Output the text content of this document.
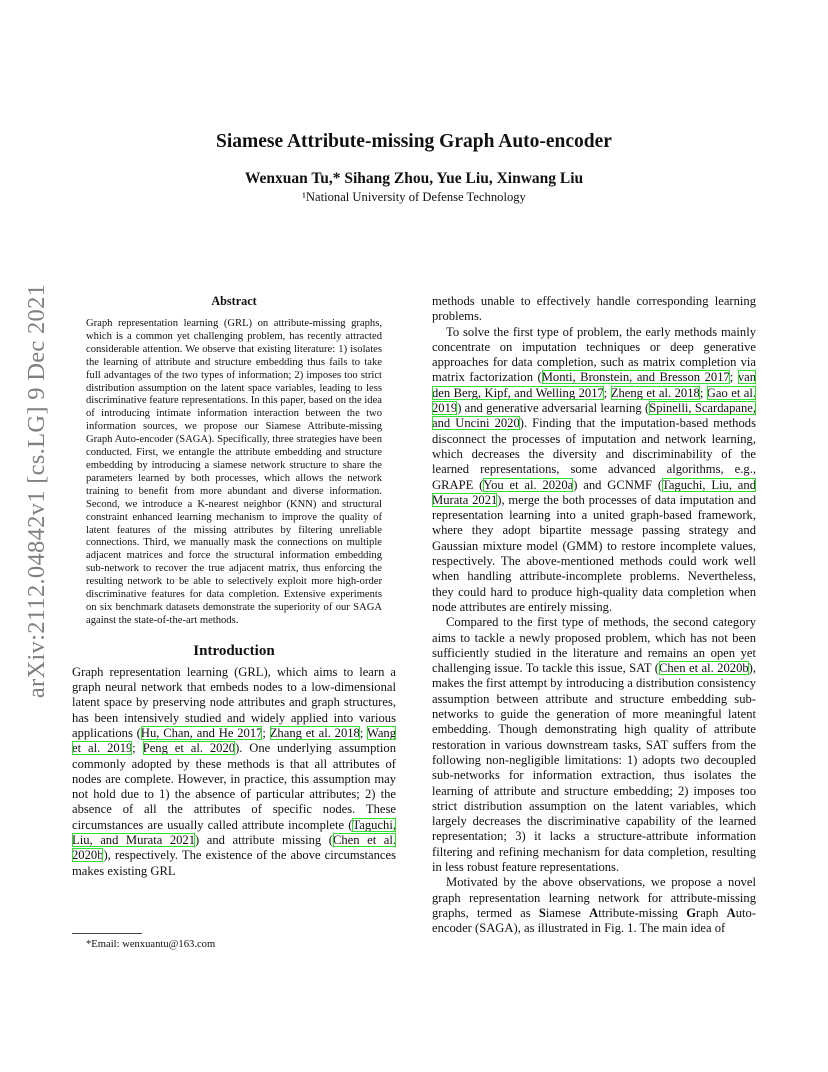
arXiv:2112.04842v1 [cs.LG] 9 Dec 2021
Siamese Attribute-missing Graph Auto-encoder
Wenxuan Tu,* Sihang Zhou, Yue Liu, Xinwang Liu
¹National University of Defense Technology
Abstract

Graph representation learning (GRL) on attribute-missing graphs, which is a common yet challenging problem, has recently attracted considerable attention. We observe that existing literature: 1) isolates the learning of attribute and structure embedding thus fails to take full advantages of the two types of information; 2) imposes too strict distribution assumption on the latent space variables, leading to less discriminative feature representations. In this paper, based on the idea of introducing intimate information interaction between the two information sources, we propose our Siamese Attribute-missing Graph Auto-encoder (SAGA). Specifically, three strategies have been conducted. First, we entangle the attribute embedding and structure embedding by introducing a siamese network structure to share the parameters learned by both processes, which allows the network training to benefit from more abundant and diverse information. Second, we introduce a K-nearest neighbor (KNN) and structural constraint enhanced learning mechanism to improve the quality of latent features of the missing attributes by filtering unreliable connections. Third, we manually mask the connections on multiple adjacent matrices and force the structural information embedding sub-network to recover the true adjacent matrix, thus enforcing the resulting network to be able to selectively exploit more high-order discriminative features for data completion. Extensive experiments on six benchmark datasets demonstrate the superiority of our SAGA against the state-of-the-art methods.

Introduction

Graph representation learning (GRL), which aims to learn a graph neural network that embeds nodes to a low-dimensional latent space by preserving node attributes and graph structures, has been intensively studied and widely applied into various applications (Hu, Chan, and He 2017; Zhang et al. 2018; Wang et al. 2019; Peng et al. 2020). One underlying assumption commonly adopted by these methods is that all attributes of nodes are complete. However, in practice, this assumption may not hold due to 1) the absence of particular attributes; 2) the absence of all the attributes of specific nodes. These circumstances are usually called attribute incomplete (Taguchi, Liu, and Murata 2021) and attribute missing (Chen et al. 2020b), respectively. The existence of the above circumstances makes existing GRL

*Email: wenxuantu@163.com

methods unable to effectively handle corresponding learning problems.

To solve the first type of problem, the early methods mainly concentrate on imputation techniques or deep generative approaches for data completion, such as matrix completion via matrix factorization (Monti, Bronstein, and Bresson 2017; van den Berg, Kipf, and Welling 2017; Zheng et al. 2018; Gao et al. 2019) and generative adversarial learning (Spinelli, Scardapane, and Uncini 2020). Finding that the imputation-based methods disconnect the processes of imputation and network learning, which decreases the diversity and discriminability of the learned representations, some advanced algorithms, e.g., GRAPE (You et al. 2020a) and GCNMF (Taguchi, Liu, and Murata 2021), merge the both processes of data imputation and representation learning into a united graph-based framework, where they adopt bipartite message passing strategy and Gaussian mixture model (GMM) to restore incomplete values, respectively. The above-mentioned methods could work well when handling attribute-incomplete problems. Nevertheless, they could hard to produce high-quality data completion when node attributes are entirely missing.

Compared to the first type of methods, the second category aims to tackle a newly proposed problem, which has not been sufficiently studied in the literature and remains an open yet challenging issue. To tackle this issue, SAT (Chen et al. 2020b), makes the first attempt by introducing a distribution consistency assumption between attribute and structure embedding sub-networks to guide the generation of more meaningful latent embedding. Though demonstrating high quality of attribute restoration in various downstream tasks, SAT suffers from the following non-negligible limitations: 1) adopts two decoupled sub-networks for information extraction, thus isolates the learning of attribute and structure embedding; 2) imposes too strict distribution assumption on the latent variables, which largely decreases the discriminative capability of the learned representation; 3) it lacks a structure-attribute information filtering and refining mechanism for data completion, resulting in less robust feature representations.

Motivated by the above observations, we propose a novel graph representation learning network for attribute-missing graphs, termed as Siamese Attribute-missing Graph Auto-encoder (SAGA), as illustrated in Fig. 1. The main idea of
